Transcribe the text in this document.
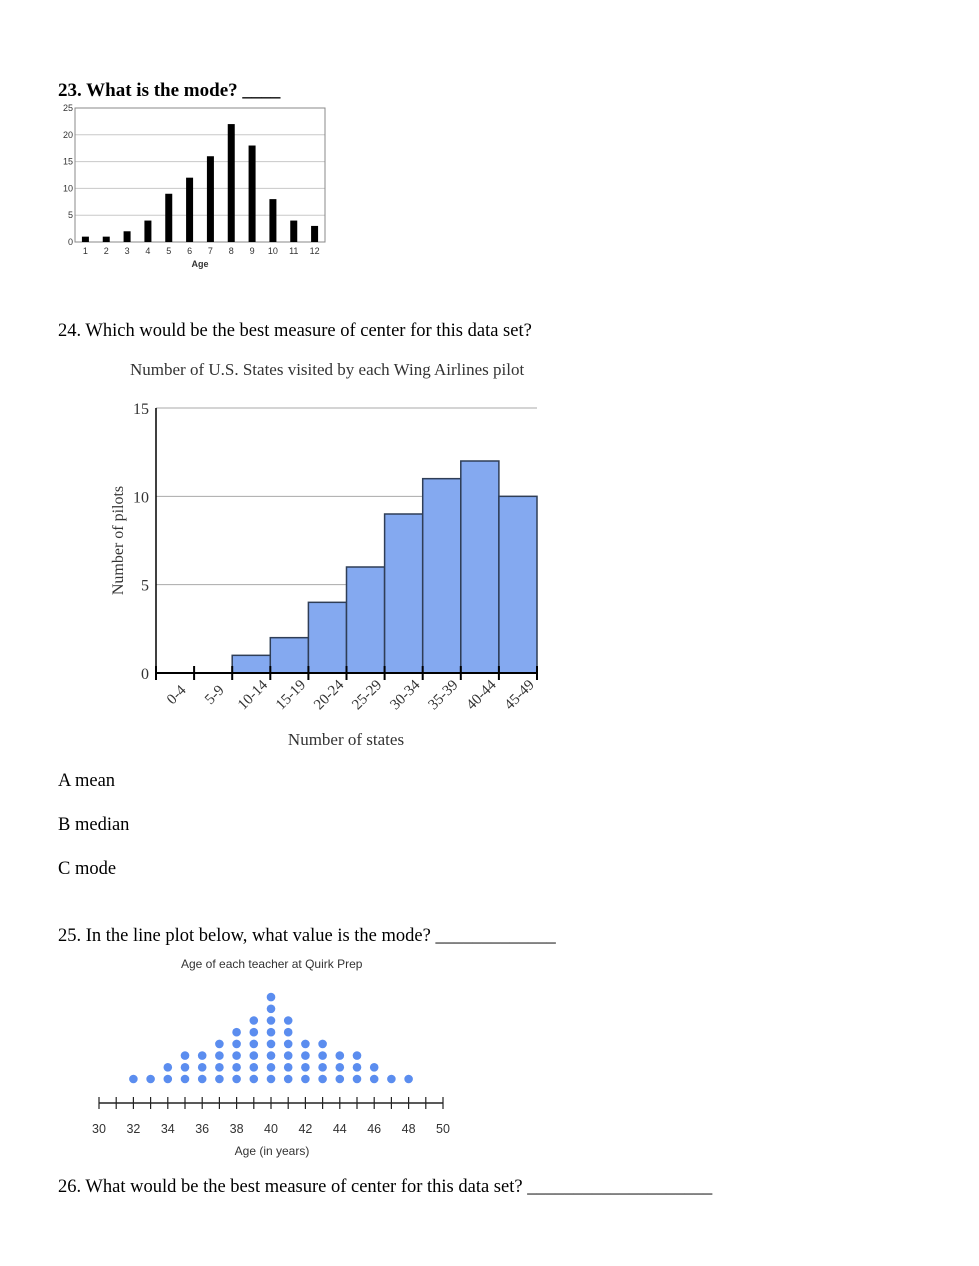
23. What is the mode? ____
0
5
10
15
20
25
1 2 3 4 5 6 7 8 9 10 11 12
Age
24. Which would be the best measure of center for this data set?
Number of U.S. States visited by each Wing Airlines pilot
0
5
10
15
0-4 5-9 10-14 15-19 20-24 25-29 30-34 35-39 40-44 45-49
Number of states
Number of pilots
A mean
B median
C mode
25. In the line plot below, what value is the mode? _____________
Age of each teacher at Quirk Prep
30 32 34 36 38 40 42 44 46 48 50
Age (in years)
26. What would be the best measure of center for this data set? ____________________
